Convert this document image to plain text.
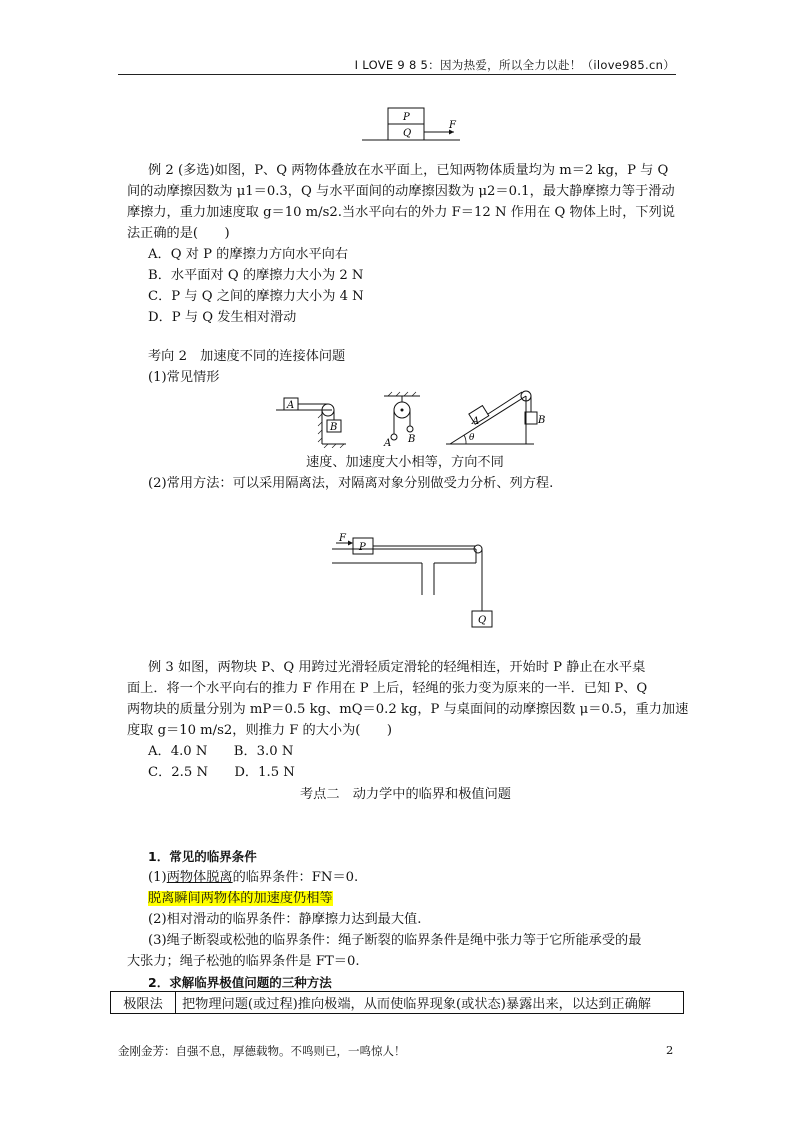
I LOVE 9 8 5：因为热爱，所以全力以赴！（ilove985.cn）
P
Q
F
例 2 (多选)如图，P、Q 两物体叠放在水平面上，已知两物体质量均为 m＝2 kg，P 与 Q
间的动摩擦因数为 μ1＝0.3，Q 与水平面间的动摩擦因数为 μ2＝0.1，最大静摩擦力等于滑动
摩擦力，重力加速度取 g＝10 m/s2.当水平向右的外力 F＝12 N 作用在 Q 物体上时，下列说
法正确的是(　　)
A．Q 对 P 的摩擦力方向水平向右
B．水平面对 Q 的摩擦力大小为 2 N
C．P 与 Q 之间的摩擦力大小为 4 N
D．P 与 Q 发生相对滑动
考向 2　加速度不同的连接体问题
(1)常见情形
A
B
A B
A	B
θ
速度、加速度大小相等，方向不同
(2)常用方法：可以采用隔离法，对隔离对象分别做受力分析、列方程.
F
P
Q
例 3 如图，两物块 P、Q 用跨过光滑轻质定滑轮的轻绳相连，开始时 P 静止在水平桌
面上．将一个水平向右的推力 F 作用在 P 上后，轻绳的张力变为原来的一半．已知 P、Q
两物块的质量分别为 mP＝0.5 kg、mQ＝0.2 kg，P 与桌面间的动摩擦因数 μ＝0.5，重力加速
度取 g＝10 m/s2，则推力 F 的大小为(　　)
A．4.0 N　　B．3.0 N
C．2.5 N　　D．1.5 N
考点二　动力学中的临界和极值问题
1．常见的临界条件
(1)两物体脱离的临界条件：FN＝0.
脱离瞬间两物体的加速度仍相等
(2)相对滑动的临界条件：静摩擦力达到最大值.
(3)绳子断裂或松弛的临界条件：绳子断裂的临界条件是绳中张力等于它所能承受的最
大张力；绳子松弛的临界条件是 FT＝0.
2．求解临界极值问题的三种方法
极限法	把物理问题(或过程)推向极端，从而使临界现象(或状态)暴露出来，以达到正确解
金刚金芳：自强不息，厚德载物。不鸣则已，一鸣惊人！	2
